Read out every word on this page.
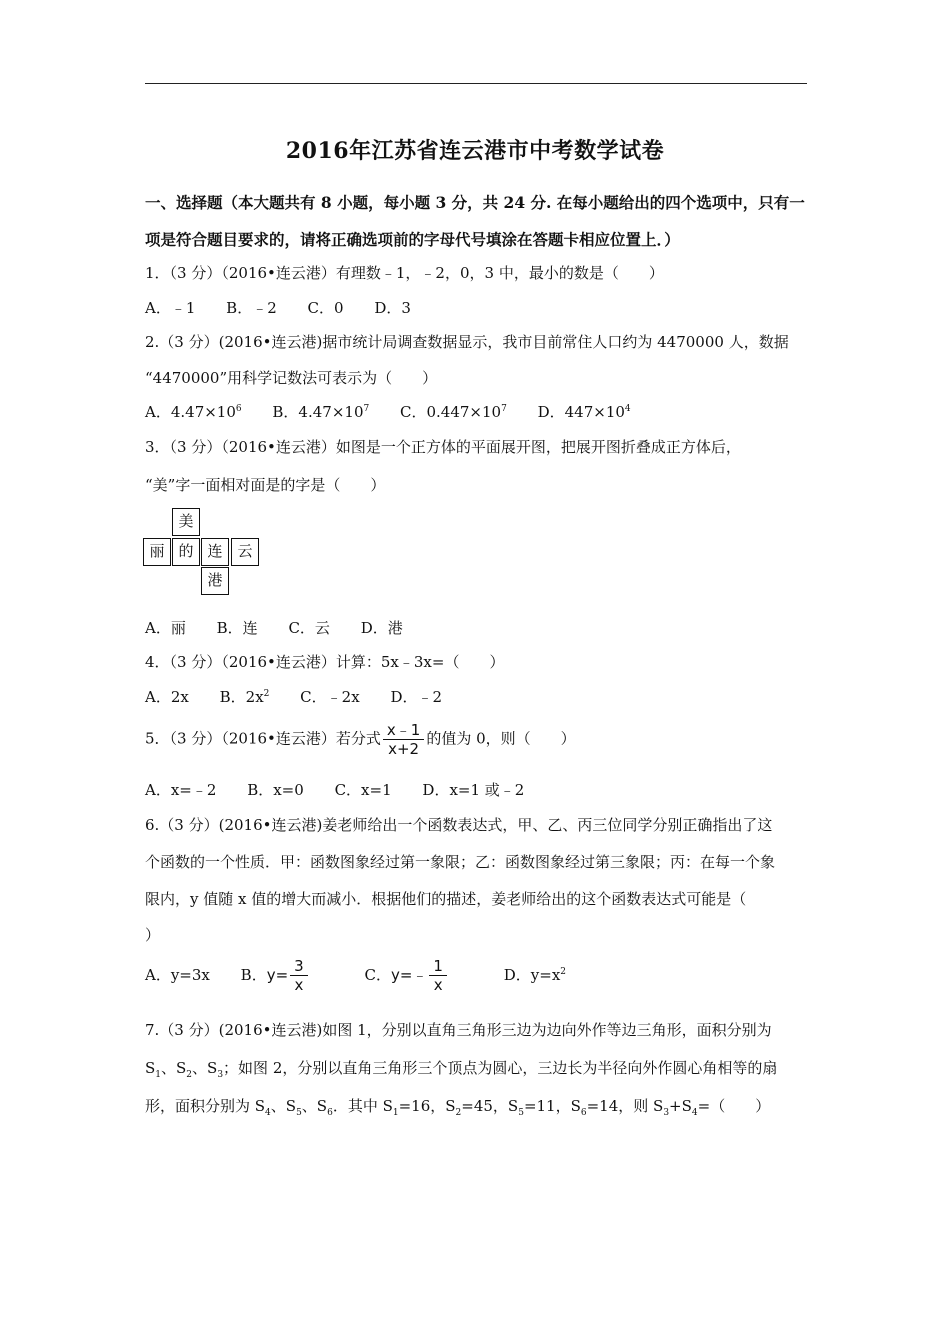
2016年江苏省连云港市中考数学试卷
一、选择题（本大题共有 8 小题，每小题 3 分，共 24 分. 在每小题给出的四个选项中，只有一
项是符合题目要求的，请将正确选项前的字母代号填涂在答题卡相应位置上．）
1．（3 分）（2016•连云港）有理数﹣1，﹣2，0，3 中，最小的数是（　　）
A．﹣1 B．﹣2 C．0 D．3
2.（3 分）(2016•连云港)据市统计局调查数据显示，我市目前常住人口约为 4470000 人，数据
“4470000”用科学记数法可表示为（　　）
A．$4.47\times 10^6$ B．$4.47\times 10^7$ C．$0.447\times 10^7$ D．$447\times 10^4$
3．（3 分）（2016•连云港）如图是一个正方体的平面展开图，把展开图折叠成正方体后，
“美”字一面相对面是的字是（　　）
美
丽 的 连 云
港
A．丽 B．连 C．云 D．港
4．（3 分）（2016•连云港）计算：5x﹣3x=（　　）
A．2x B．$2x^2$ C．﹣2x D．﹣2
5．（3 分）（2016•连云港）若分式 $\frac{x﹣1}{x+2}$ 的值为 0，则（　　）
A．x=﹣2 B．x=0 C．x=1 D．x=1 或﹣2
6.（3 分）(2016•连云港)姜老师给出一个函数表达式，甲、乙、丙三位同学分别正确指出了这
个函数的一个性质．甲：函数图象经过第一象限；乙：函数图象经过第三象限；丙：在每一个象
限内，y 值随 x 值的增大而减小．根据他们的描述，姜老师给出的这个函数表达式可能是（
）
A．y=3x B．$y= \frac{3}{x}$ C．y=﹣ $\frac{1}{x}$ D．$y=x^2$
7.（3 分）(2016•连云港)如图 1，分别以直角三角形三边为边向外作等边三角形，面积分别为
$S_1$、$S_2$、$S_3$；如图 2，分别以直角三角形三个顶点为圆心，三边长为半径向外作圆心角相等的扇
形，面积分别为 $S_4$、$S_5$、$S_6$．其中 $S_1=16$，$S_2=45$，$S_5=11$，$S_6=14$，则 $S_3+S_4=$（　　）
